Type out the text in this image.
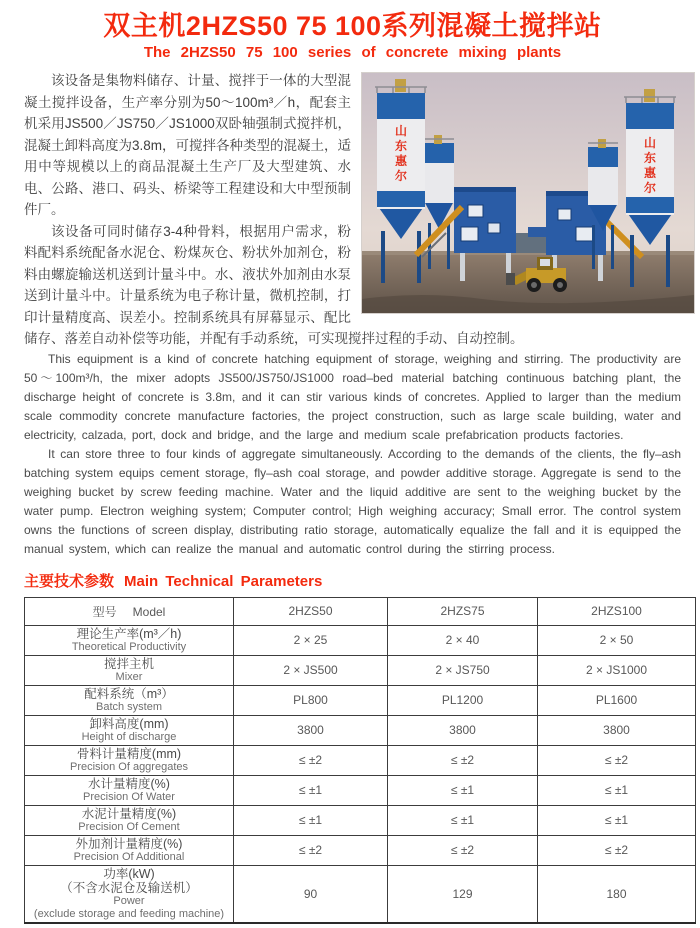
双主机2HZS50 75 100系列混凝土搅拌站
The 2HZS50 75 100 series of concrete mixing plants
山
东
惠
尔
山
东
惠
尔

该设备是集物料储存、计量、搅拌于一体的大型混凝土搅拌设备，生产率分别为50～100m³／h，配套主机采用JS500／JS750／JS1000双卧轴强制式搅拌机，混凝土卸料高度为3.8m，可搅拌各种类型的混凝土，适用中等规模以上的商品混凝土生产厂及大型建筑、水电、公路、港口、码头、桥梁等工程建设和大中型预制件厂。

该设备可同时储存3-4种骨料，根据用户需求，粉料配料系统配备水泥仓、粉煤灰仓、粉状外加剂仓，粉料由螺旋输送机送到计量斗中。水、液状外加剂由水泵送到计量斗中。计量系统为电子称计量，微机控制，打印计量精度高、误差小。控制系统具有屏幕显示、配比储存、落差自动补偿等功能，并配有手动系统，可实现搅拌过程的手动、自动控制。

This equipment is a kind of concrete hatching equipment of storage, weighing and stirring. The productivity are 50～100m³/h, the mixer adopts JS500/JS750/JS1000 road–bed material batching continuous batching plant, the discharge height of concrete is 3.8m, and it can stir various kinds of concretes. Applied to larger than the medium scale commodity concrete manufacture factories, the project construction, such as large scale building, water and electricity, calzada, port, dock and bridge, and the large and medium scale prefabrication products factories.

It can store three to four kinds of aggregate simultaneously. According to the demands of the clients, the fly–ash batching system equips cement storage, fly–ash coal storage, and powder additive storage. Aggregate is send to the weighing bucket by screw feeding machine. Water and the liquid additive are sent to the weighing bucket by the water pump. Electron weighing system; Computer control; High weighing accuracy; Small error. The control system owns the functions of screen display, distributing ratio storage, automatically equalize the fall and it is equipped the manual system, which can realize the manual and automatic control during the stirring process.

主要技术参数 Main Technical Parameters
型号 Model	2HZS50	2HZS75	2HZS100

理论生产率(m³／h)
Theoretical Productivity	2 × 25	2 × 40	2 × 50

搅拌主机
Mixer	2 × JS500	2 × JS750	2 × JS1000

配料系统（m³）
Batch system	PL800	PL1200	PL1600

卸料高度(mm)
Height of discharge	3800	3800	3800

骨料计量精度(mm)
Precision Of aggregates	≤ ±2	≤ ±2	≤ ±2

水计量精度(%)
Precision Of Water	≤ ±1	≤ ±1	≤ ±1

水泥计量精度(%)
Precision Of Cement	≤ ±1	≤ ±1	≤ ±1

外加剂计量精度(%)
Precision Of Additional	≤ ±2	≤ ±2	≤ ±2

功率(kW)
（不含水泥仓及输送机）
Power
(exclude storage and feeding machine)	90	129	180
